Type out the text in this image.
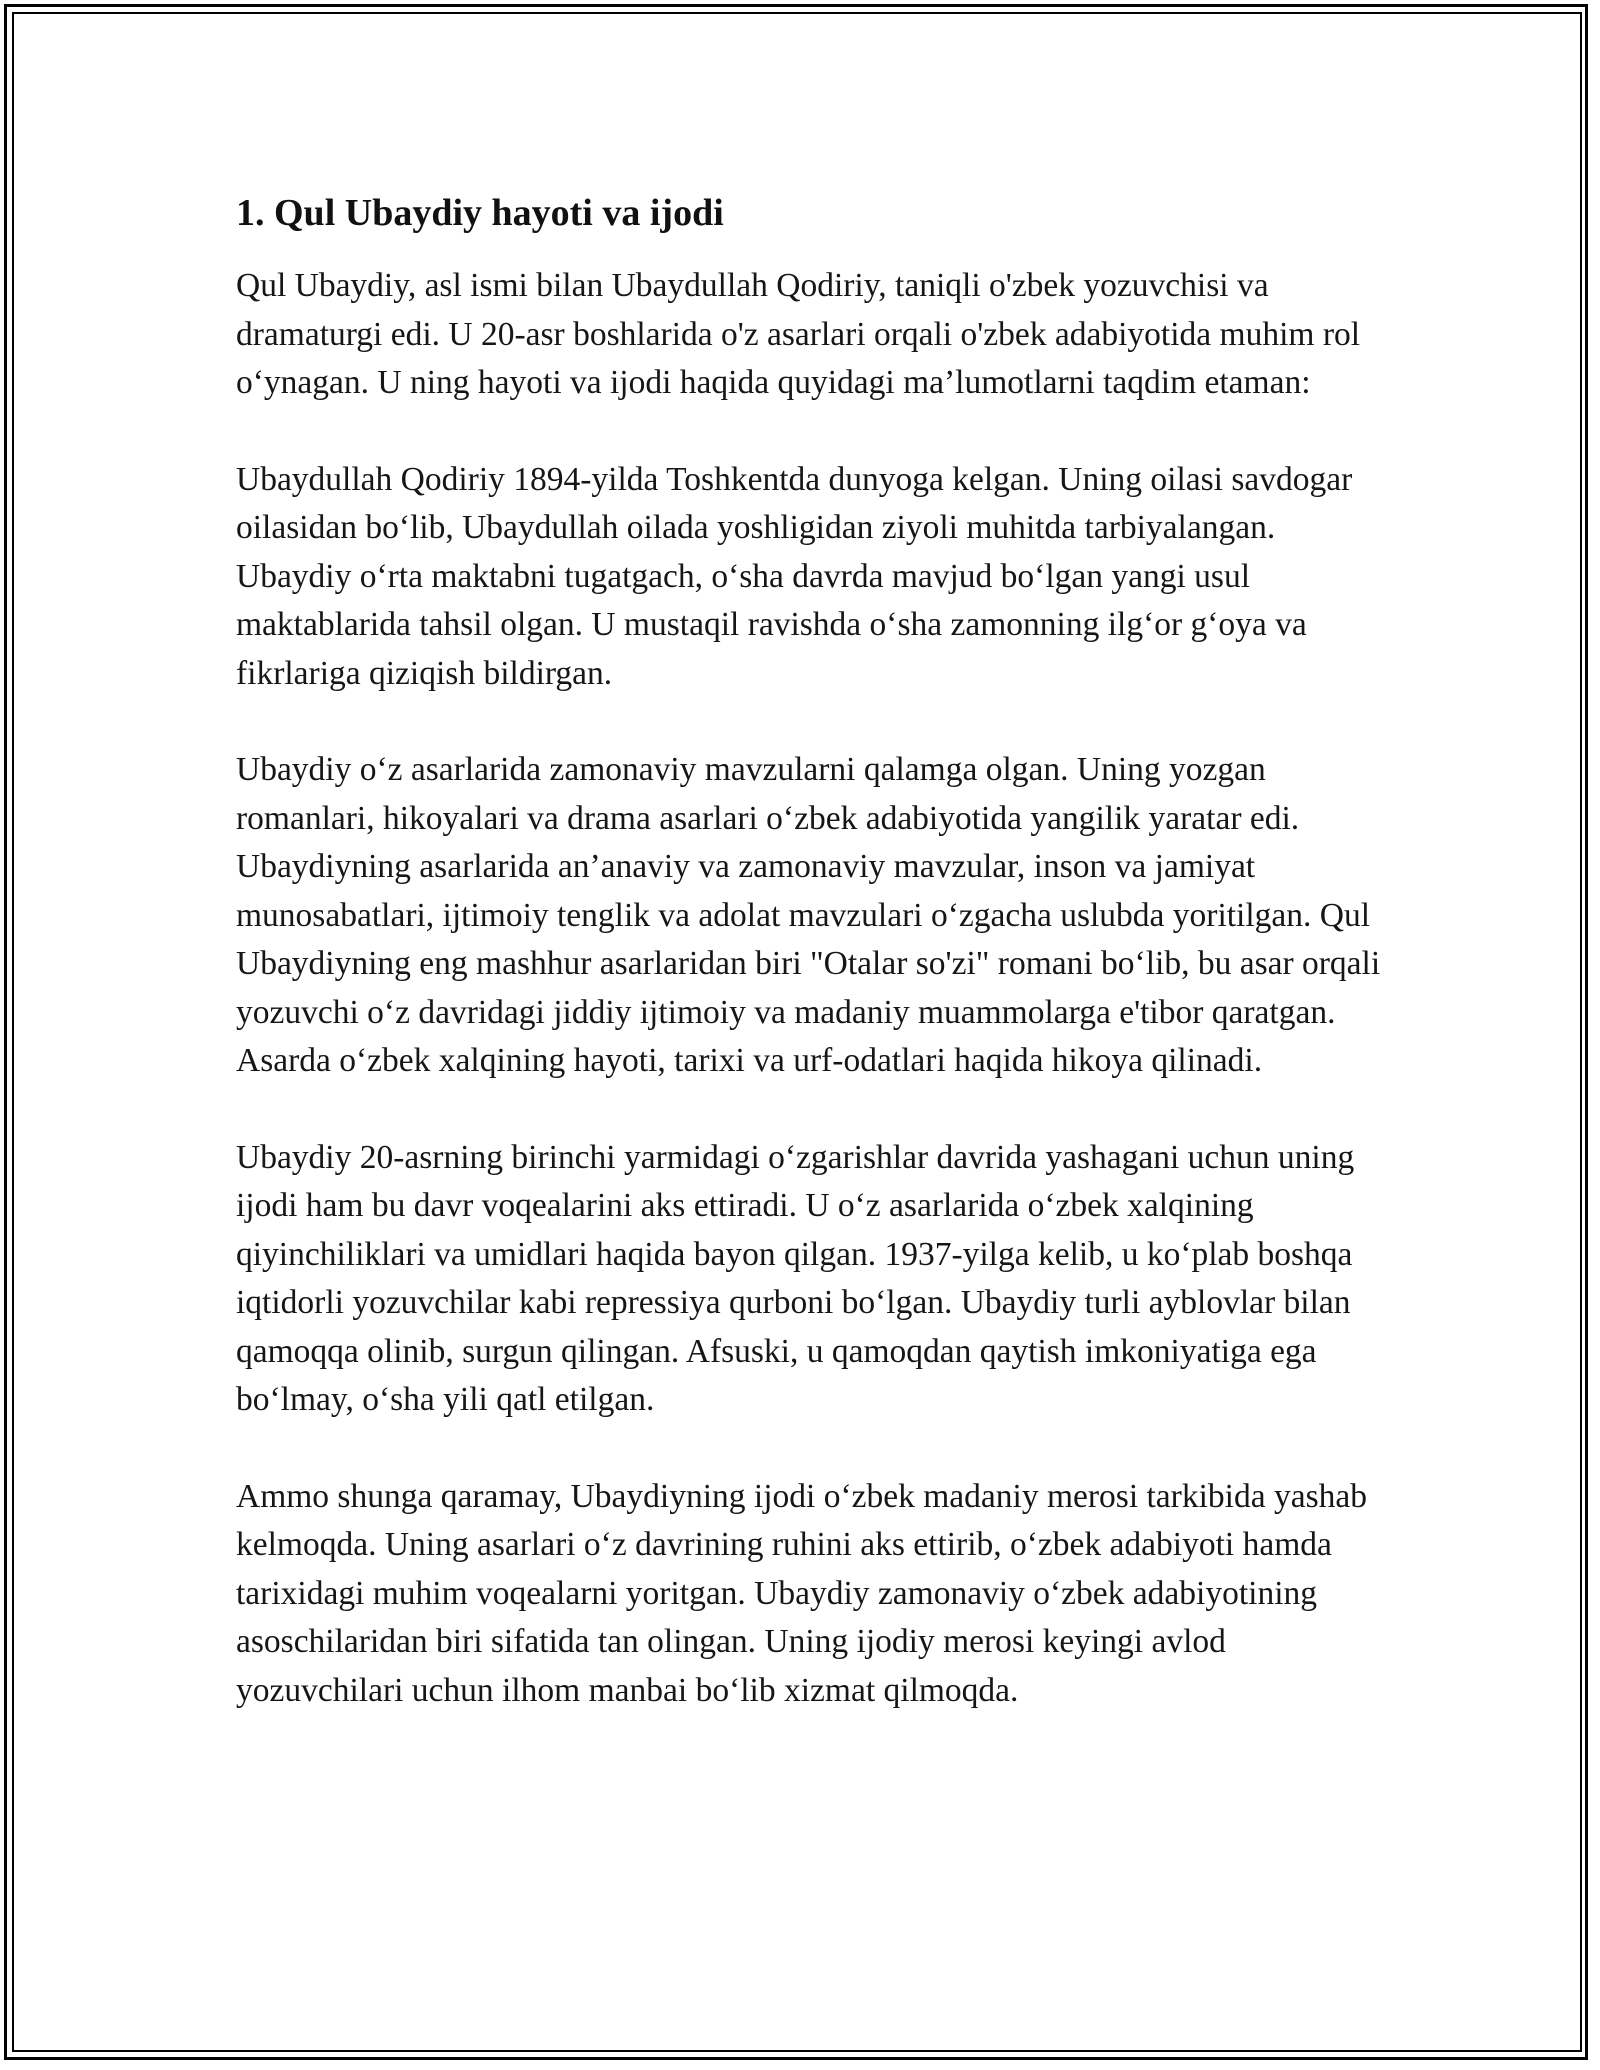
1. Qul Ubaydiy hayoti va ijodi

Qul Ubaydiy, asl ismi bilan Ubaydullah Qodiriy, taniqli o'zbek yozuvchisi va dramaturgi edi. U 20-asr boshlarida o'z asarlari orqali o'zbek adabiyotida muhim rol o‘ynagan. U ning hayoti va ijodi haqida quyidagi ma’lumotlarni taqdim etaman:

Ubaydullah Qodiriy 1894-yilda Toshkentda dunyoga kelgan. Uning oilasi savdogar oilasidan bo‘lib, Ubaydullah oilada yoshligidan ziyoli muhitda tarbiyalangan. Ubaydiy o‘rta maktabni tugatgach, o‘sha davrda mavjud bo‘lgan yangi usul maktablarida tahsil olgan. U mustaqil ravishda o‘sha zamonning ilg‘or g‘oya va fikrlariga qiziqish bildirgan.

Ubaydiy o‘z asarlarida zamonaviy mavzularni qalamga olgan. Uning yozgan romanlari, hikoyalari va drama asarlari o‘zbek adabiyotida yangilik yaratar edi. Ubaydiyning asarlarida an’anaviy va zamonaviy mavzular, inson va jamiyat munosabatlari, ijtimoiy tenglik va adolat mavzulari o‘zgacha uslubda yoritilgan. Qul Ubaydiyning eng mashhur asarlaridan biri "Otalar so'zi" romani bo‘lib, bu asar orqali yozuvchi o‘z davridagi jiddiy ijtimoiy va madaniy muammolarga e'tibor qaratgan. Asarda o‘zbek xalqining hayoti, tarixi va urf-odatlari haqida hikoya qilinadi.

Ubaydiy 20-asrning birinchi yarmidagi o‘zgarishlar davrida yashagani uchun uning ijodi ham bu davr voqealarini aks ettiradi. U o‘z asarlarida o‘zbek xalqining qiyinchiliklari va umidlari haqida bayon qilgan. 1937-yilga kelib, u ko‘plab boshqa iqtidorli yozuvchilar kabi repressiya qurboni bo‘lgan. Ubaydiy turli ayblovlar bilan qamoqqa olinib, surgun qilingan. Afsuski, u qamoqdan qaytish imkoniyatiga ega bo‘lmay, o‘sha yili qatl etilgan.

Ammo shunga qaramay, Ubaydiyning ijodi o‘zbek madaniy merosi tarkibida yashab kelmoqda. Uning asarlari o‘z davrining ruhini aks ettirib, o‘zbek adabiyoti hamda tarixidagi muhim voqealarni yoritgan. Ubaydiy zamonaviy o‘zbek adabiyotining asoschilaridan biri sifatida tan olingan. Uning ijodiy merosi keyingi avlod yozuvchilari uchun ilhom manbai bo‘lib xizmat qilmoqda.
